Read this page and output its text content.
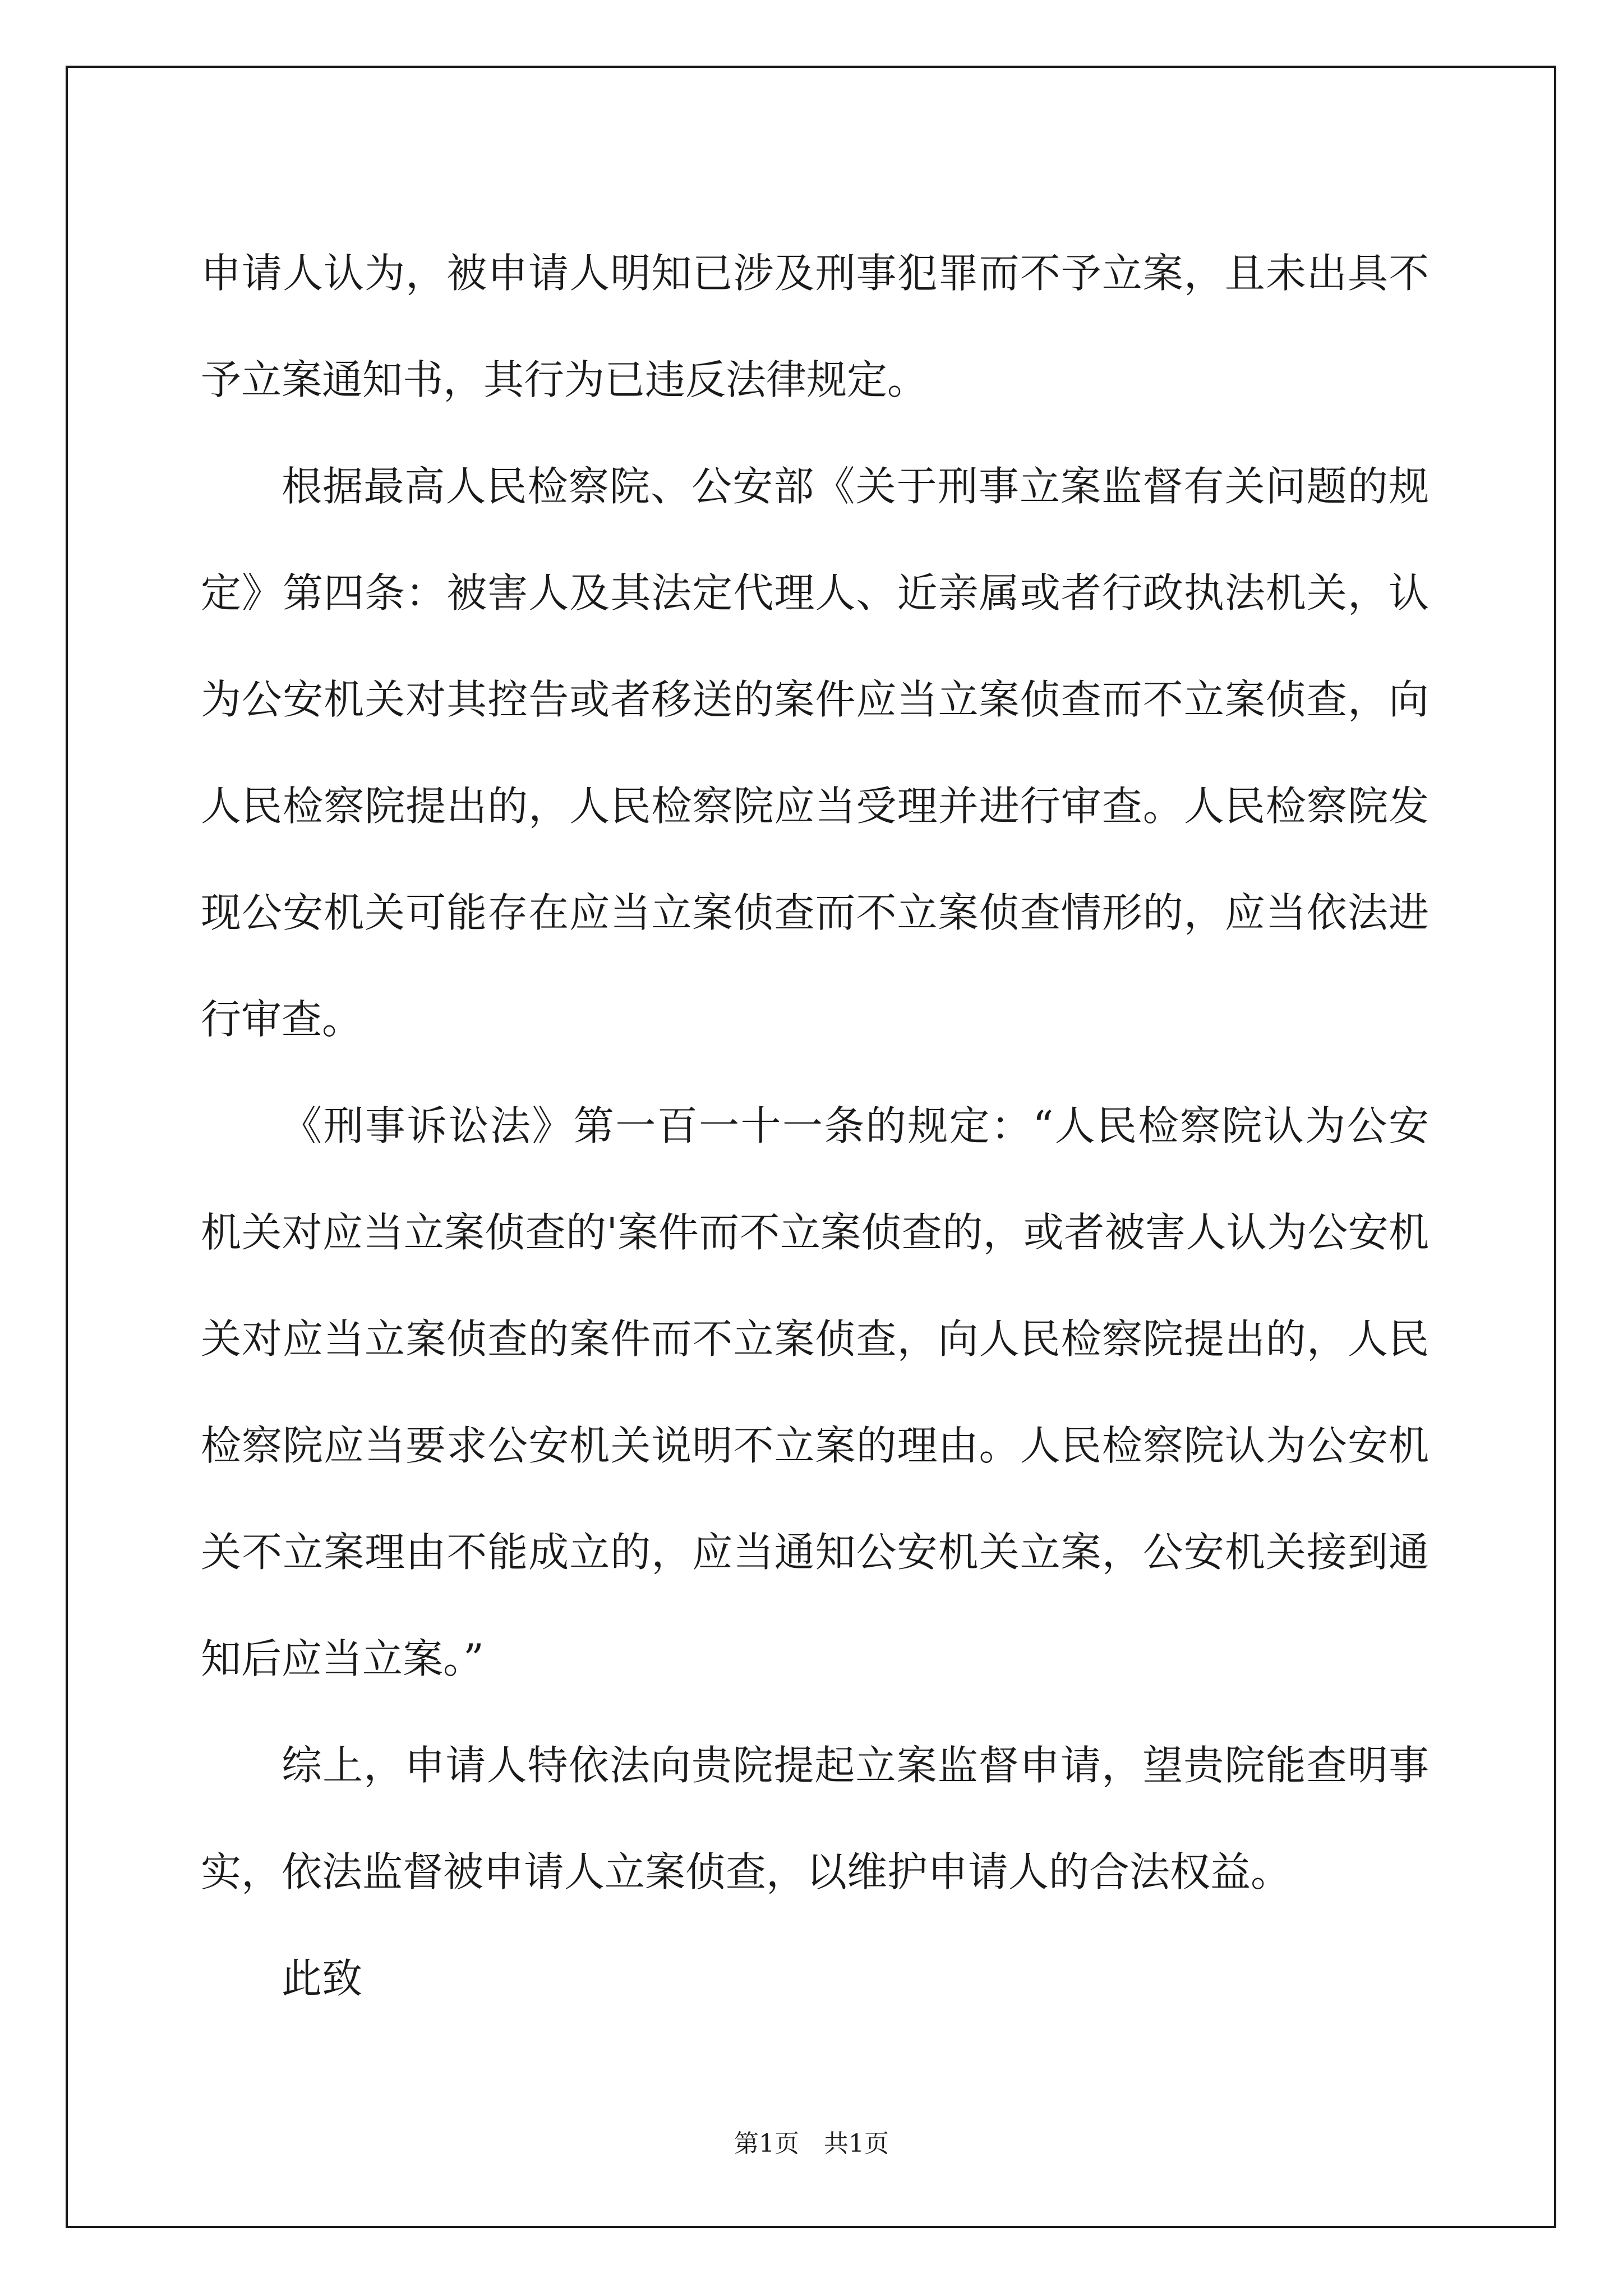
申请人认为，被申请人明知已涉及刑事犯罪而不予立案，且未出具不予立案通知书，其行为已违反法律规定。

根据最高人民检察院、公安部《关于刑事立案监督有关问题的规定》第四条：被害人及其法定代理人、近亲属或者行政执法机关，认为公安机关对其控告或者移送的案件应当立案侦查而不立案侦查，向人民检察院提出的，人民检察院应当受理并进行审查。人民检察院发现公安机关可能存在应当立案侦查而不立案侦查情形的，应当依法进行审查。

《刑事诉讼法》第一百一十一条的规定：“人民检察院认为公安机关对应当立案侦查的'案件而不立案侦查的，或者被害人认为公安机关对应当立案侦查的案件而不立案侦查，向人民检察院提出的，人民检察院应当要求公安机关说明不立案的理由。人民检察院认为公安机关不立案理由不能成立的，应当通知公安机关立案，公安机关接到通知后应当立案。”

综上，申请人特依法向贵院提起立案监督申请，望贵院能查明事实，依法监督被申请人立案侦查，以维护申请人的合法权益。

此致

第1页 共1页
